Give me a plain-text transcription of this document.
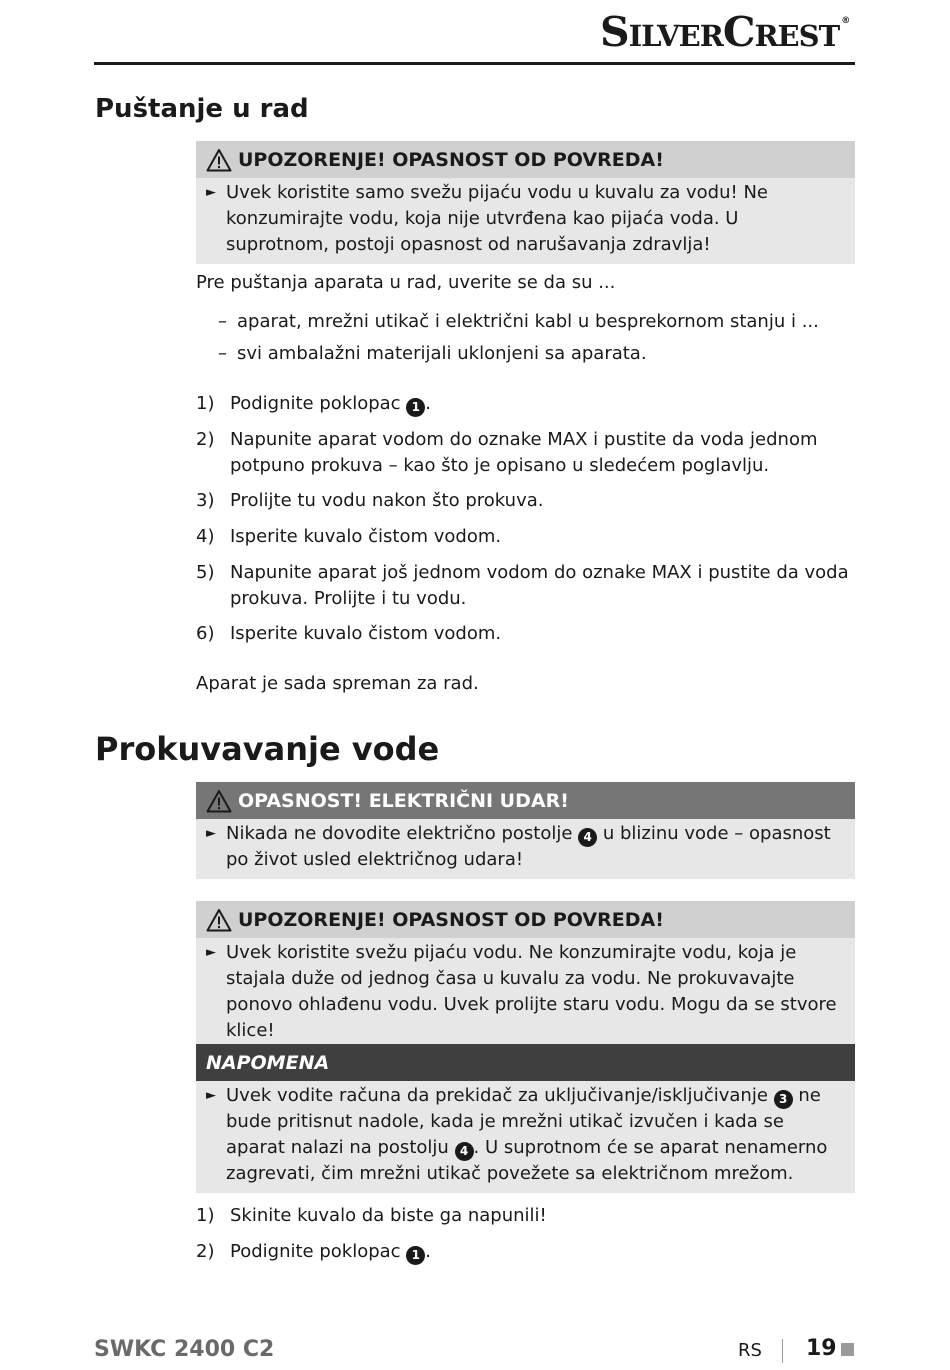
SilverCrest ®
Puštanje u rad
UPOZORENJE! OPASNOST OD POVREDA!
► Uvek koristite samo svežu pijaću vodu u kuvalu za vodu! Ne konzumirajte vodu, koja nije utvrđena kao pijaća voda. U suprotnom, postoji opasnost od narušavanja zdravlja!
Pre puštanja aparata u rad, uverite se da su ...
– aparat, mrežni utikač i električni kabl u besprekornom stanju i ...
– svi ambalažni materijali uklonjeni sa aparata.
1) Podignite poklopac 1 .
2) Napunite aparat vodom do oznake MAX i pustite da voda jednom potpuno prokuva – kao što je opisano u sledećem poglavlju.
3) Prolijte tu vodu nakon što prokuva.
4) Isperite kuvalo čistom vodom.
5) Napunite aparat još jednom vodom do oznake MAX i pustite da voda prokuva. Prolijte i tu vodu.
6) Isperite kuvalo čistom vodom.
Aparat je sada spreman za rad.
Prokuvavanje vode
OPASNOST! ELEKTRIČNI UDAR!
► Nikada ne dovodite električno postolje 4 u blizinu vode – opasnost po život usled električnog udara!
UPOZORENJE! OPASNOST OD POVREDA!
► Uvek koristite svežu pijaću vodu. Ne konzumirajte vodu, koja je stajala duže od jednog časa u kuvalu za vodu. Ne prokuvavajte ponovo ohlađenu vodu. Uvek prolijte staru vodu. Mogu da se stvore klice!
NAPOMENA
► Uvek vodite računa da prekidač za uključivanje/isključivanje 3 ne bude pritisnut nadole, kada je mrežni utikač izvučen i kada se aparat nalazi na postolju 4 . U suprotnom će se aparat nenamerno zagrevati, čim mrežni utikač povežete sa električnom mrežom.
1) Skinite kuvalo da biste ga napunili!
2) Podignite poklopac 1 .
SWKC 2400 C2	RS 19
